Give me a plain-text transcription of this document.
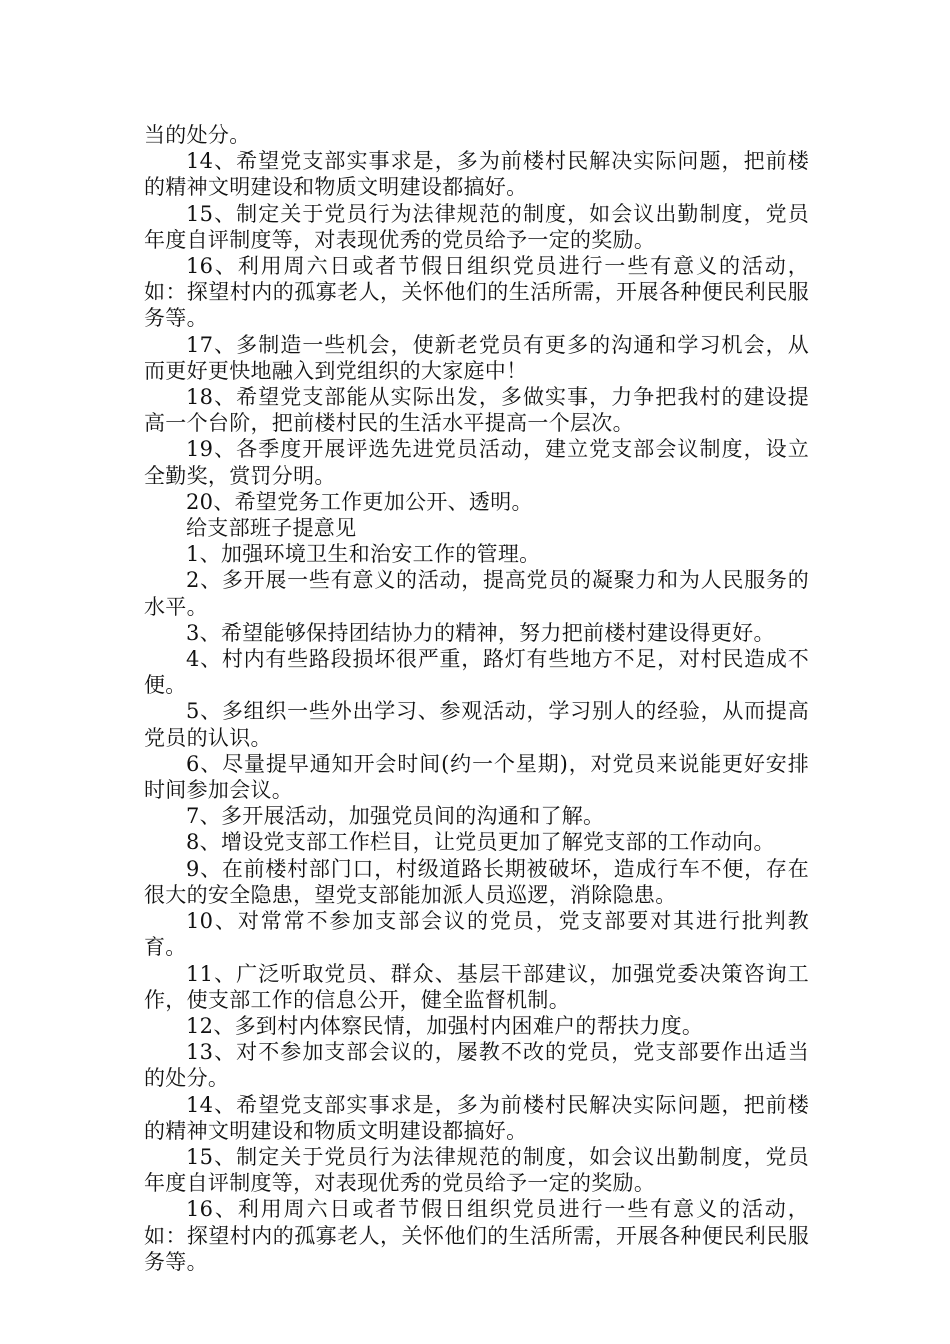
当的处分。

14、希望党支部实事求是，多为前楼村民解决实际问题，把前楼的精神文明建设和物质文明建设都搞好。

15、制定关于党员行为法律规范的制度，如会议出勤制度，党员年度自评制度等，对表现优秀的党员给予一定的奖励。

16、利用周六日或者节假日组织党员进行一些有意义的活动，如：探望村内的孤寡老人，关怀他们的生活所需，开展各种便民利民服务等。

17、多制造一些机会，使新老党员有更多的沟通和学习机会，从而更好更快地融入到党组织的大家庭中！

18、希望党支部能从实际出发，多做实事，力争把我村的建设提高一个台阶，把前楼村民的生活水平提高一个层次。

19、各季度开展评选先进党员活动，建立党支部会议制度，设立全勤奖，赏罚分明。

20、希望党务工作更加公开、透明。

给支部班子提意见

1、加强环境卫生和治安工作的管理。

2、多开展一些有意义的活动，提高党员的凝聚力和为人民服务的水平。

3、希望能够保持团结协力的精神，努力把前楼村建设得更好。

4、村内有些路段损坏很严重，路灯有些地方不足，对村民造成不便。

5、多组织一些外出学习、参观活动，学习别人的经验，从而提高党员的认识。

6、尽量提早通知开会时间(约一个星期)，对党员来说能更好安排时间参加会议。

7、多开展活动，加强党员间的沟通和了解。

8、增设党支部工作栏目，让党员更加了解党支部的工作动向。

9、在前楼村部门口，村级道路长期被破坏，造成行车不便，存在很大的安全隐患，望党支部能加派人员巡逻，消除隐患。

10、对常常不参加支部会议的党员，党支部要对其进行批判教育。

11、广泛听取党员、群众、基层干部建议，加强党委决策咨询工作，使支部工作的信息公开，健全监督机制。

12、多到村内体察民情，加强村内困难户的帮扶力度。

13、对不参加支部会议的，屡教不改的党员，党支部要作出适当的处分。

14、希望党支部实事求是，多为前楼村民解决实际问题，把前楼的精神文明建设和物质文明建设都搞好。

15、制定关于党员行为法律规范的制度，如会议出勤制度，党员年度自评制度等，对表现优秀的党员给予一定的奖励。

16、利用周六日或者节假日组织党员进行一些有意义的活动，如：探望村内的孤寡老人，关怀他们的生活所需，开展各种便民利民服务等。
